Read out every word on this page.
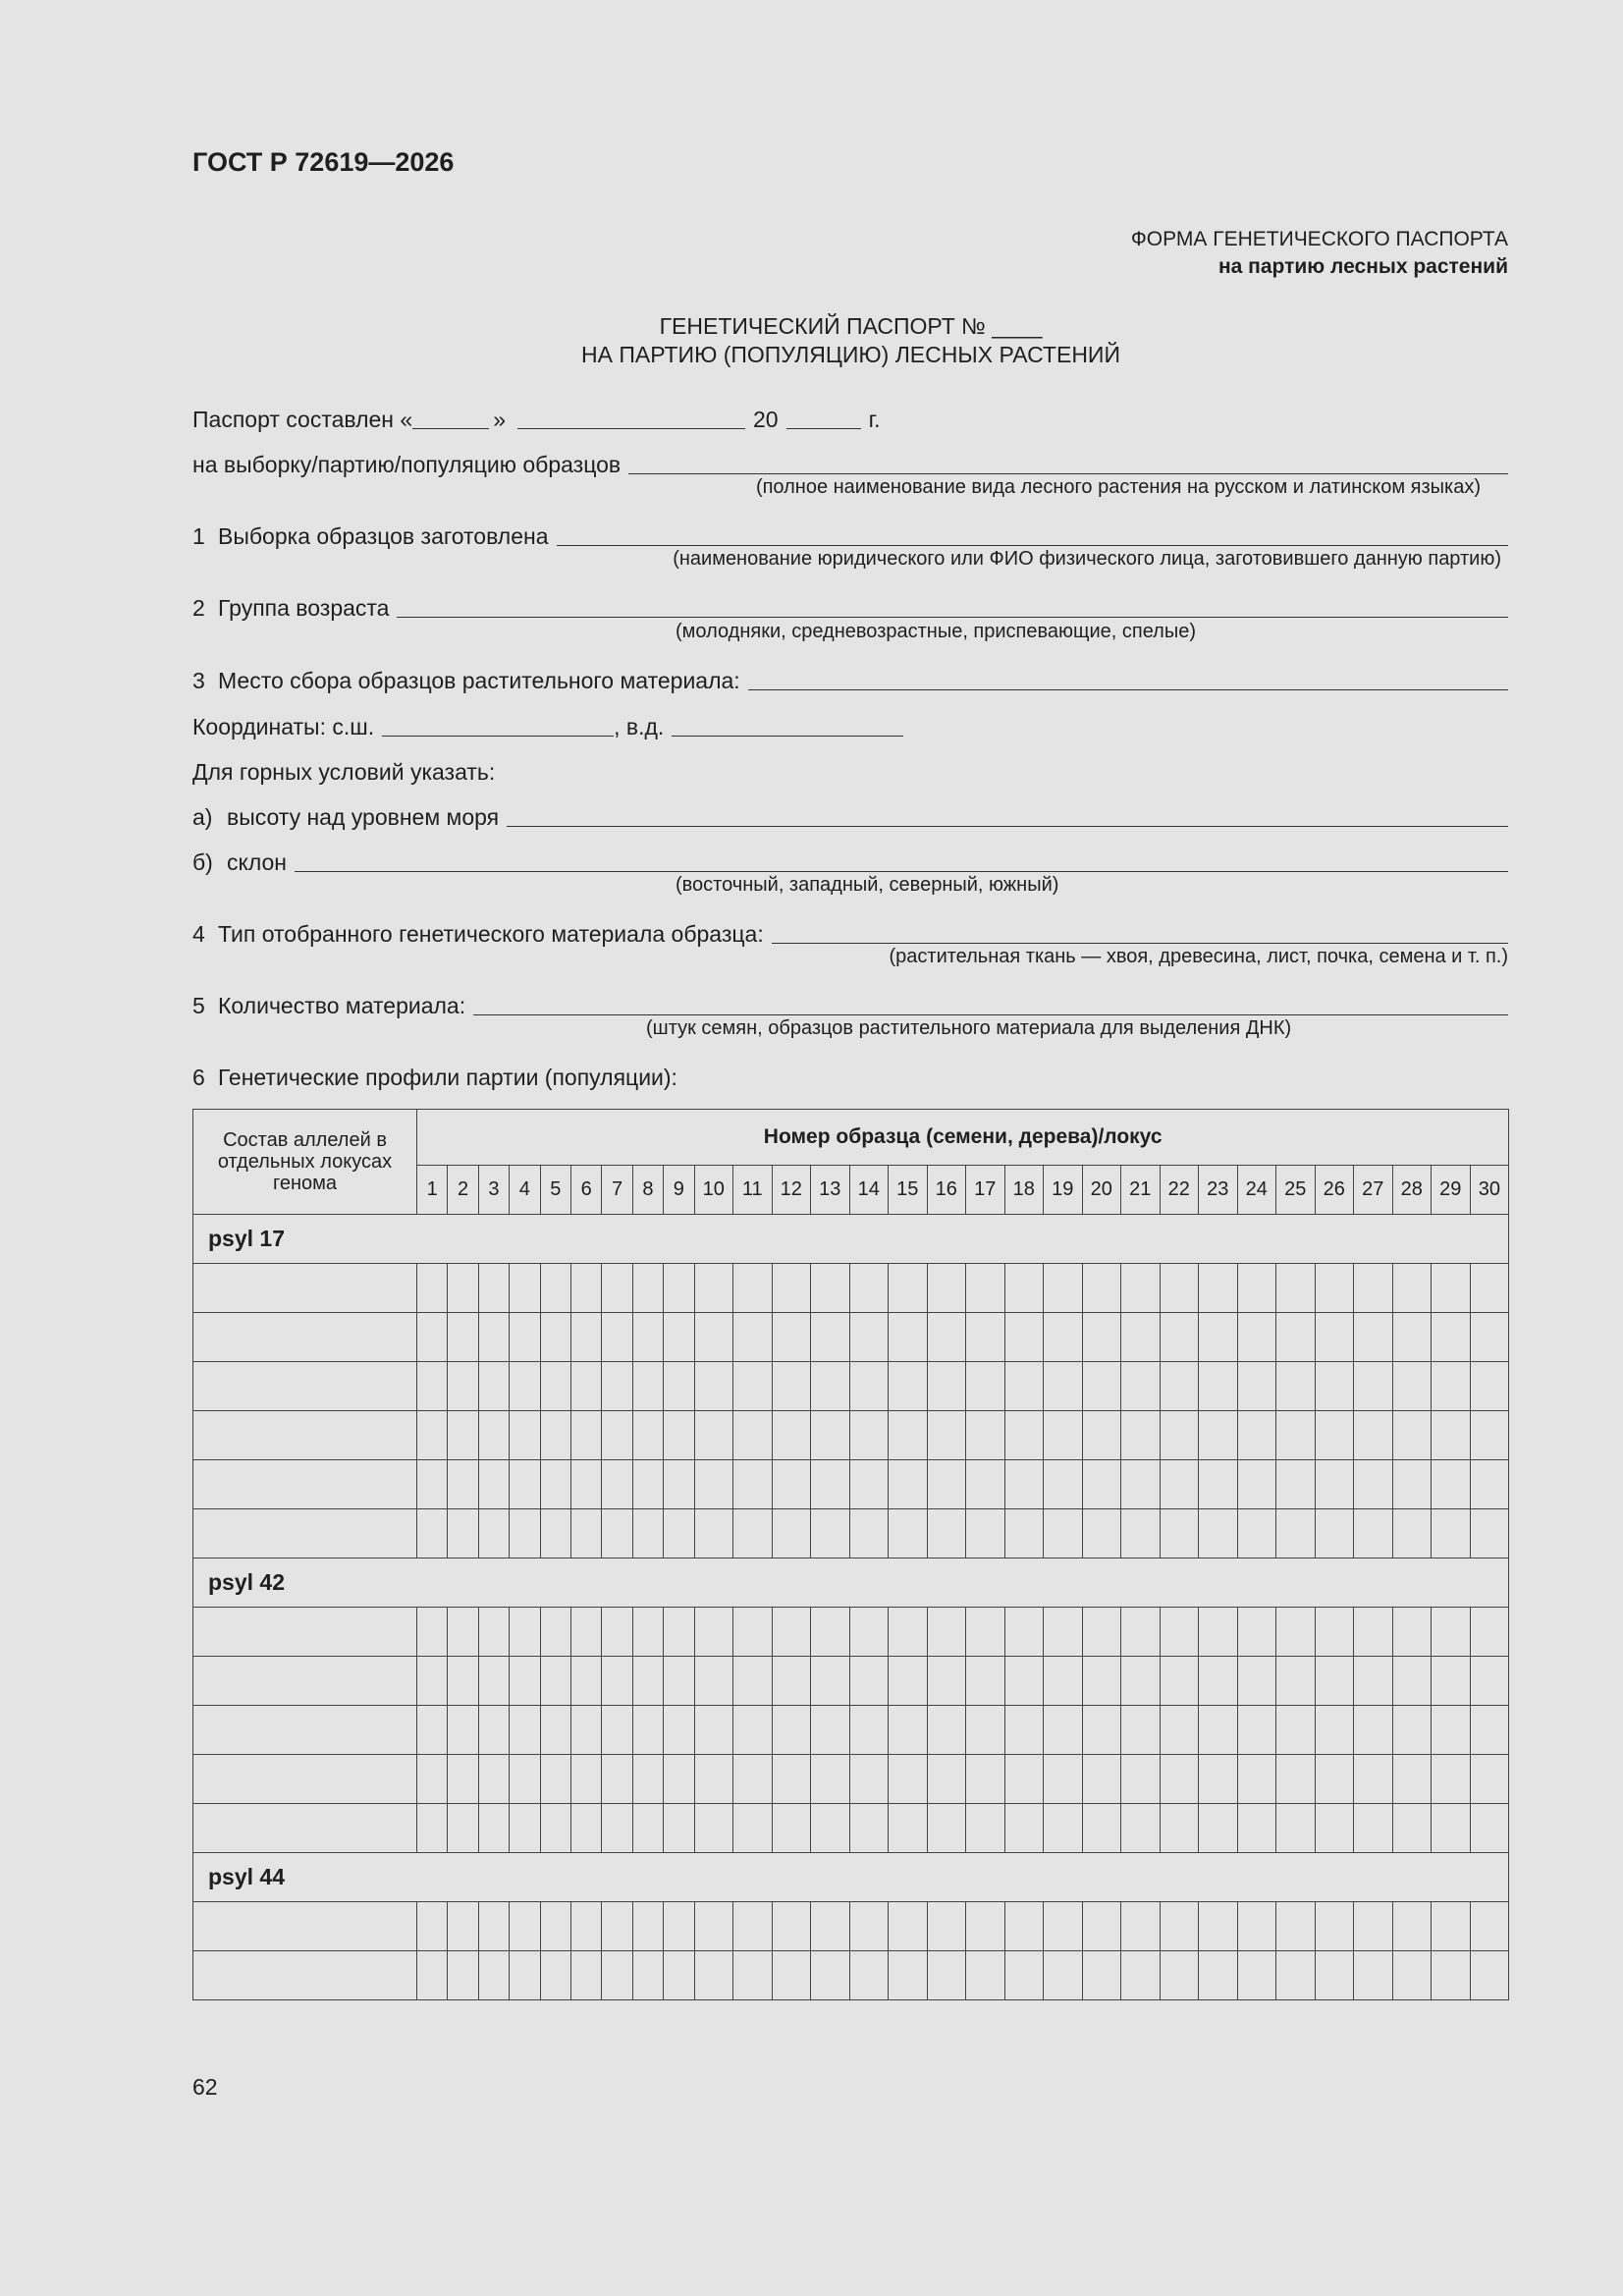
ГОСТ Р 72619—2026
ФОРМА ГЕНЕТИЧЕСКОГО ПАСПОРТА
на партию лесных растений
ГЕНЕТИЧЕСКИЙ ПАСПОРТ № ____
НА ПАРТИЮ (ПОПУЛЯЦИЮ) ЛЕСНЫХ РАСТЕНИЙ
Паспорт составлен «	»	20	г.
на выборку/партию/популяцию образцов
(полное наименование вида лесного растения на русском и латинском языках)
1 Выборка образцов заготовлена
(наименование юридического или ФИО физического лица, заготовившего данную партию)
2 Группа возраста
(молодняки, средневозрастные, приспевающие, спелые)
3 Место сбора образцов растительного материала:
Координаты: с.ш.	, в.д.
Для горных условий указать:
а) высоту над уровнем моря
б) склон
(восточный, западный, северный, южный)
4 Тип отобранного генетического материала образца:
(растительная ткань — хвоя, древесина, лист, почка, семена и т. п.)
5 Количество материала:
(штук семян, образцов растительного материала для выделения ДНК)
6 Генетические профили партии (популяции):
Состав аллелей в отдельных локусах генома	Номер образца (семени, дерева)/локус																													
	1	2	3	4	5	6	7	8	9	10	11	12	13	14	15	16	17	18	19	20	21	22	23	24	25	26	27	28	29	30
psyl 17																														

psyl 42																														

psyl 44																														

62
